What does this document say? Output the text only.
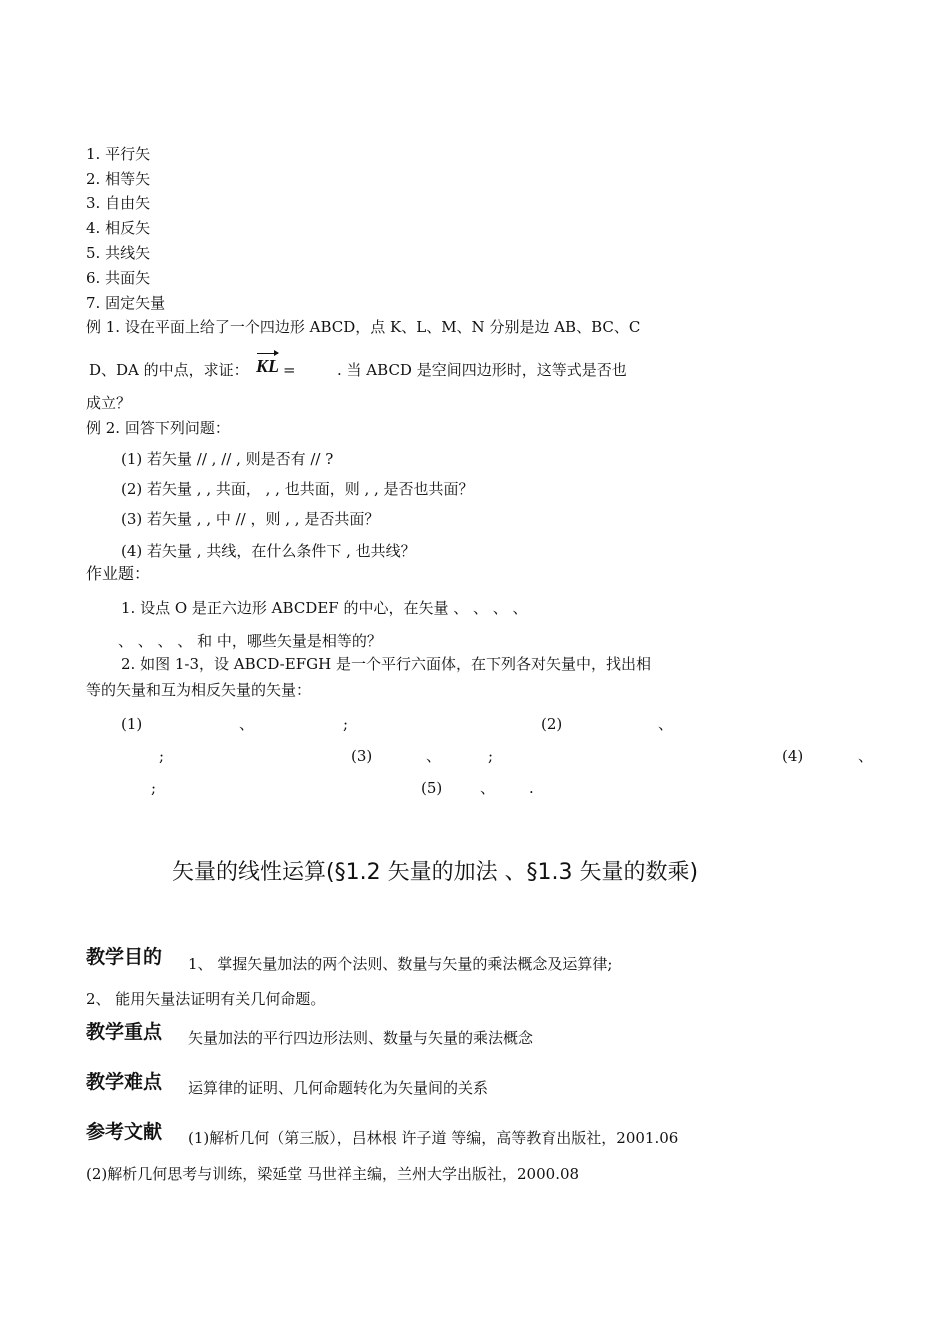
1. 平行矢
2. 相等矢
3. 自由矢
4. 相反矢
5. 共线矢
6. 共面矢
7. 固定矢量
例 1. 设在平面上给了一个四边形 ABCD，点 K、L、M、N 分别是边 AB、BC、C
D、DA 的中点，求证： KL =	. 当 ABCD 是空间四边形时，这等式是否也
成立？
例 2. 回答下列问题：
(1) 若矢量 // , // , 则是否有 // ?
(2) 若矢量 , , 共面， , , 也共面，则 , , 是否也共面？
(3) 若矢量 , , 中 // ，则 , , 是否共面？
(4) 若矢量 , 共线，在什么条件下 , 也共线？
作业题：
1. 设点 O 是正六边形 ABCDEF 的中心，在矢量 、 、 、 、
、 、 、 、 和 中，哪些矢量是相等的？
2. 如图 1-3，设 ABCD-EFGH 是一个平行六面体，在下列各对矢量中，找出相
等的矢量和互为相反矢量的矢量：
(1)	、	;	(2)	、
;	(3)	、	;	(4)	、
;	(5)	、 .
矢量的线性运算(§1.2 矢量的加法 、§1.3 矢量的数乘)
教学目的 1、 掌握矢量加法的两个法则、数量与矢量的乘法概念及运算律;
2、 能用矢量法证明有关几何命题。
教学重点 矢量加法的平行四边形法则、数量与矢量的乘法概念
教学难点 运算律的证明、几何命题转化为矢量间的关系
参考文献 (1)解析几何（第三版），吕林根 许子道 等编，高等教育出版社，2001.06
(2)解析几何思考与训练，梁延堂 马世祥主编，兰州大学出版社，2000.08
